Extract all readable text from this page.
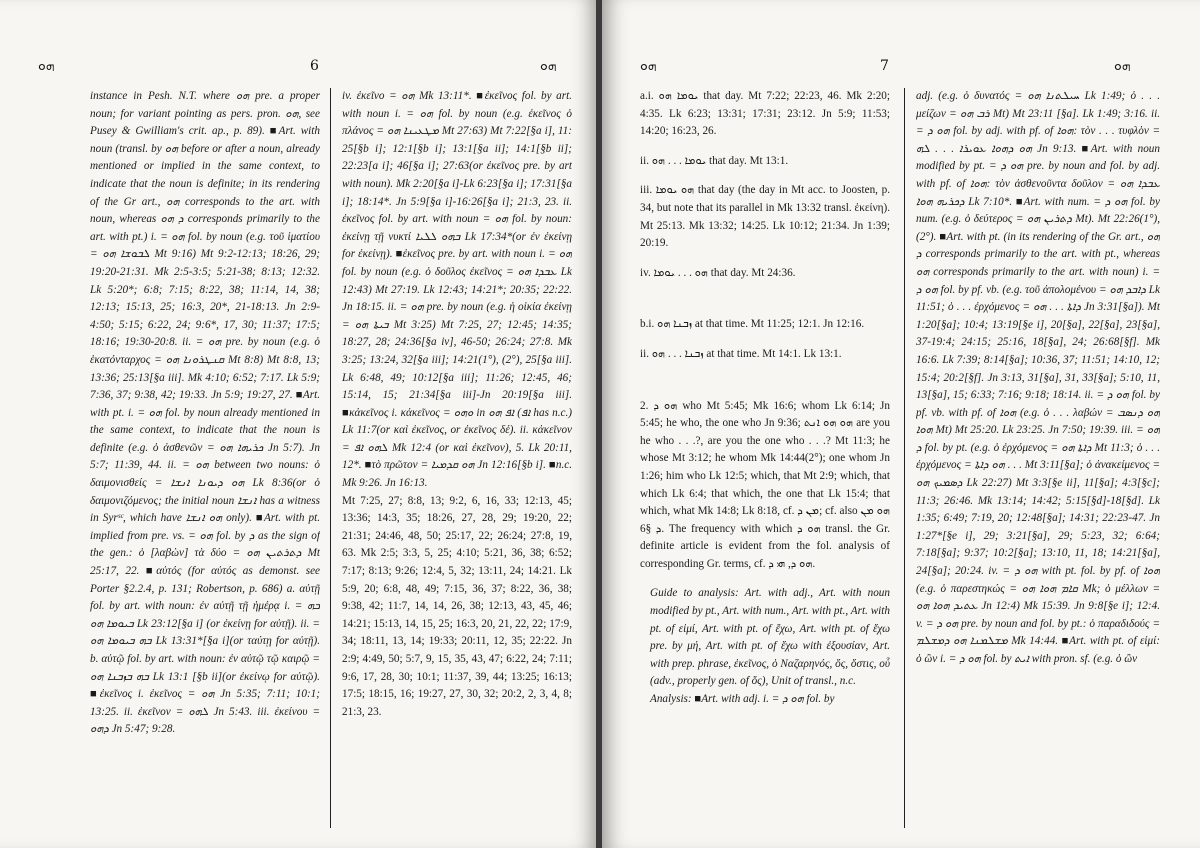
ܗܘ	6	ܗܘ

instance in Pesh. N.T. where ܗܘ pre. a proper noun; for variant pointing as pers. pron. ܗܘ, see Pusey & Gwilliam's crit. ap., p. 89). ■Art. with noun (transl. by ܗܘ before or after a noun, already mentioned or implied in the same context, to indicate that the noun is definite; in its rendering of the Gr art., ܗܘ corresponds to the art. with noun, whereas ܕ ܗܘ corresponds primarily to the art. with pt.) i. = ܗܘ fol. by noun (e.g. τοῦ ἱματίου = ܠܒܘܫܐ ܗܘ Mt 9:16) Mt 9:2-12:13; 18:26, 29; 19:20-21:31. Mk 2:5-3:5; 5:21-38; 8:13; 12:32. Lk 5:20*; 6:8; 7:15; 8:22, 38; 11:14, 14, 38; 12:13; 15:13, 25; 16:3, 20*, 21-18:13. Jn 2:9-4:50; 5:15; 6:22, 24; 9:6*, 17, 30; 11:37; 17:5; 18:16; 19:30-20:8. ii. = ܗܘ pre. by noun (e.g. ὁ ἑκατόνταρχος = ܩܢܛܪܘܢܐ ܗܘ Mt 8:8) Mt 8:8, 13; 13:36; 25:13[§a iii]. Mk 4:10; 6:52; 7:17. Lk 5:9; 7:36, 37; 9:38, 42; 19:33. Jn 5:9; 19:27, 27. ■Art. with pt. i. = ܗܘ fol. by noun already mentioned in the same context, to indicate that the noun is definite (e.g. ὁ ἀσθενῶν = ܟܪܝܗܐ ܗܘ Jn 5:7). Jn 5:7; 11:39, 44. ii. = ܗܘ between two nouns: ὁ δαιμονισθείς = ܗܘ ܕܝܘܢܐ ܐܢܫܐ Lk 8:36(or ὁ δαιμονιζόμενος; the initial noun ܐܢܫܐ has a witness in Syrˢᶜ, which have ܗܘ ܐܢܫܐ only). ■Art. with pt. implied from pre. vs. = ܗܘ fol. by ܕ as the sign of the gen.: ὁ [λαβὼν] τὰ δύο = ܕܬܪܬܝܢ ܗܘ Mt 25:17, 22. ■αὐτός (for αὐτός as demonst. see Porter §2.2.4, p. 131; Robertson, p. 686) a. αὐτῇ fol. by art. with noun: ἐν αὐτῇ τῇ ἡμέρᾳ i. = ܒܗ ܒܝܘܡܐ ܗܘ Lk 23:12[§a i] (or ἐκείνῃ for αὐτῇ). ii. = ܒܗ ܒܝܘܡܐ ܗܘ Lk 13:31*[§a i](or ταύτῃ for αὐτῇ). b. αὐτῷ fol. by art. with noun: ἐν αὐτῷ τῷ καιρῷ = ܒܗ ܒܙܒܢܐ ܗܘ Lk 13:1 [§b ii](or ἐκείνῳ for αὐτῷ). ■ἐκεῖνος i. ἐκεῖνος = ܗܘ Jn 5:35; 7:11; 10:1; 13:25. ii. ἐκεῖνον = ܠܗܘ Jn 5:43. iii. ἐκείνου = ܕܗܘ Jn 5:47; 9:28.

iv. ἐκεῖνο = ܗܘ Mk 13:11*. ■ἐκεῖνος fol. by art. with noun i. = ܗܘ fol. by noun (e.g. ἐκεῖνος ὁ πλάνος = ܡܛܥܝܢܐ ܗܘ Mt 27:63) Mt 7:22[§a i], 11: 25[§b i]; 12:1[§b i]; 13:1[§a ii]; 14:1[§b ii]; 22:23[a i]; 46[§a i]; 27:63(or ἐκεῖνος pre. by art with noun). Mk 2:20[§a i]-Lk 6:23[§a i]; 17:31[§a i]; 18:14*. Jn 5:9[§a i]-16:26[§a i]; 21:3, 23. ii. ἐκεῖνος fol. by art. with noun = ܗܘ fol. by noun: ἐκείνῃ τῇ νυκτί ܒܗܘ ܠܠܝܐ Lk 17:34*(or ἐν ἐκείνῃ for ἐκείνῃ). ■ἐκεῖνος pre. by art. with noun i. = ܗܘ fol. by noun (e.g. ὁ δοῦλος ἐκεῖνος = ܥܒܕܐ ܗܘ Lk 12:43) Mt 27:19. Lk 12:43; 14:21*; 20:35; 22:22. Jn 18:15. ii. = ܗܘ pre. by noun (e.g. ἡ οἰκία ἐκείνῃ = ܒܝܬܐ ܗܘ Mt 3:25) Mt 7:25, 27; 12:45; 14:35; 18:27, 28; 24:36[§a iv], 46-50; 26:24; 27:8. Mk 3:25; 13:24, 32[§a iii]; 14:21(1°), (2°), 25[§a iii]. Lk 6:48, 49; 10:12[§a iii]; 11:26; 12:45, 46; 15:14, 15; 21:34[§a iii]-Jn 20:19[§a iii]. ■κἀκεῖνος i. κἀκεῖνος = ܘܗܘ in ܐܦ ܗܘ (ܐܦ has n.c.) Lk 11:7(or καὶ ἐκεῖνος, or ἐκεῖνος δέ). ii. κἀκεῖνον = ܠܗܘ ܐܦ Mk 12:4 (or καὶ ἐκεῖνον), 5. Lk 20:11, 12*. ■τὸ πρῶτον = ܗܘ ܩܕܡܝܐ Jn 12:16[§b i]. ■n.c. Mk 9:26. Jn 16:13.

Mt 7:25, 27; 8:8, 13; 9:2, 6, 16, 33; 12:13, 45; 13:36; 14:3, 35; 18:26, 27, 28, 29; 19:20, 22; 21:31; 24:46, 48, 50; 25:17, 22; 26:24; 27:8, 19, 63. Mk 2:5; 3:3, 5, 25; 4:10; 5:21, 36, 38; 6:52; 7:17; 8:13; 9:26; 12:4, 5, 32; 13:11, 24; 14:21. Lk 5:9, 20; 6:8, 48, 49; 7:15, 36, 37; 8:22, 36, 38; 9:38, 42; 11:7, 14, 14, 26, 38; 12:13, 43, 45, 46; 14:21; 15:13, 14, 15, 25; 16:3, 20, 21, 22, 22; 17:9, 34; 18:11, 13, 14; 19:33; 20:11, 12, 35; 22:22. Jn 2:9; 4:49, 50; 5:7, 9, 15, 35, 43, 47; 6:22, 24; 7:11; 9:6, 17, 28, 30; 10:1; 11:37, 39, 44; 13:25; 16:13; 17:5; 18:15, 16; 19:27, 27, 30, 32; 20:2, 2, 3, 4, 8; 21:3, 23.

ܗܘ	7	ܗܘ

a.i. ܝܘܡܐ ܗܘ that day. Mt 7:22; 22:23, 46. Mk 2:20; 4:35. Lk 6:23; 13:31; 17:31; 23:12. Jn 5:9; 11:53; 14:20; 16:23, 26.

ii. ܝܘܡܐ . . . ܗܘ that day. Mt 13:1.

iii. ܗܘ ܝܘܡܐ that day (the day in Mt acc. to Joosten, p. 34, but note that its parallel in Mk 13:32 transl. ἐκείνη). Mt 25:13. Mk 13:32; 14:25. Lk 10:12; 21:34. Jn 1:39; 20:19.

iv. ܗܘ . . . ܝܘܡܐ that day. Mt 24:36.

b.i. ܙܒܢܐ ܗܘ at that time. Mt 11:25; 12:1. Jn 12:16.

ii. ܙܒܢܐ . . . ܗܘ at that time. Mt 14:1. Lk 13:1.

2. ܗܘ ܕ who Mt 5:45; Mk 16:6; whom Lk 6:14; Jn 5:45; he who, the one who Jn 9:36; ܗܘ ܗܘ ܐܢܬ are you he who . . .?, are you the one who . . .? Mt 11:3; he whose Mt 3:12; he whom Mk 14:44(2°); one whom Jn 1:26; him who Lk 12:5; which, that Mt 2:9; which, that which Lk 6:4; that which, the one that Lk 15:4; that which, what Mk 14:8; Lk 8:18, cf. ܡܢ ܕ; cf. also ܗܘ ܡܢ ܕ §6. The frequency with which ܗܘ ܕ transl. the Gr. definite article is evident from the fol. analysis of corresponding Gr. terms, cf. ܗܘ ܕ, ܗܝ ܕ.

Guide to analysis: Art. with adj., Art. with noun modified by pt., Art. with num., Art. with pt., Art. with pt. of εἰμί, Art. with pt. of ἔχω, Art. with pt. of ἔχω pre. by μή, Art. with pt. of ἔχω with ἐξουσίαν, Art. with prep. phrase, ἐκεῖνος, ὁ Ναζαρηνός, ὅς, ὅστις, οὗ (adv., properly gen. of ὅς), Unit of transl., n.c.

Analysis: ■Art. with adj. i. = ܗܘ ܕ fol. by

adj. (e.g. ὁ δυνατός = ܚܝܠܬܢܐ ܗܘ Lk 1:49; ὁ . . . μείζων = ܪܒ ܗܘ Mt) Mt 23:11 [§a]. Lk 1:49; 3:16. ii. = ܗܘ ܕ fol. by adj. with pf. of ܗܘܐ: τὸν . . . τυφλὸν = ܗܘ ܕܗܘܐ ܥܘܝܪܐ . . . ܠܗ Jn 9:13. ■Art. with noun modified by pt. = ܗܘ ܕ pre. by noun and fol. by adj. with pf. of ܗܘܐ: τὸν ἀσθενοῦντα δοῦλον = ܥܒܕܐ ܗܘ ܕܟܪܝܗ ܗܘܐ Lk 7:10*. ■Art. with num. = ܗܘ ܕ fol. by num. (e.g. ὁ δεύτερος = ܕܬܪܝܢ ܗܘ Mt). Mt 22:26(1°), (2°). ■Art. with pt. (in its rendering of the Gr. art., ܗܘ ܕ corresponds primarily to the art. with pt., whereas ܗܘ corresponds primarily to the art. with noun) i. = ܗܘ ܕ fol. by pf. vb. (e.g. τοῦ ἀπολομένου = ܕܐܒܕ ܗܘ Lk 11:51; ὁ . . . ἐρχόμενος = ܕܐܬܐ . . . ܗܘ Jn 3:31[§a]). Mt 1:20[§a]; 10:4; 13:19[§e i], 20[§a], 22[§a], 23[§a], 37-19:4; 24:15; 25:16, 18[§a], 24; 26:68[§f]. Mk 16:6. Lk 7:39; 8:14[§a]; 10:36, 37; 11:51; 14:10, 12; 15:4; 20:2[§f]. Jn 3:13, 31[§a], 31, 33[§a]; 5:10, 11, 13[§a], 15; 6:33; 7:16; 9:18; 18:14. ii. = ܗܘ ܕ fol. by pf. vb. with pf. of ܗܘܐ (e.g. ὁ . . . λαβών = ܗܘ ܕܢܣܒ ܗܘܐ Mt) Mt 25:20. Lk 23:25. Jn 7:50; 19:39. iii. = ܗܘ ܕ fol. by pt. (e.g. ὁ ἐρχόμενος = ܕܐܬܐ ܗܘ Mt 11:3; ὁ . . . ἐρχόμενος = ܗܘ ܕܐܬܐ . . . Mt 3:11[§a]; ὁ ἀνακείμενος = ܕܣܡܝܟ ܗܘ Lk 22:27) Mt 3:3[§e ii], 11[§a]; 4:3[§c]; 11:3; 26:46. Mk 13:14; 14:42; 5:15[§d]-18[§d]. Lk 1:35; 6:49; 7:19, 20; 12:48[§a]; 14:31; 22:23-47. Jn 1:27*[§e i], 29; 3:21[§a], 29; 5:23, 32; 6:64; 7:18[§a]; 9:37; 10:2[§a]; 13:10, 11, 18; 14:21[§a], 24[§a]; 20:24. iv. = ܗܘ ܕ with pt. fol. by pf. of ܗܘܐ (e.g. ὁ παρεστηκώς = ܩܐܡ ܗܘܐ ܗܘ Mk; ὁ μέλλων = ܥܬܝܕ ܗܘܐ ܗܘ Jn 12:4) Mk 15:39. Jn 9:8[§e i]; 12:4. v. = ܗܘ ܕ pre. by noun and fol. by pt.: ὁ παραδιδούς = ܡܫܠܡܢܐ ܗܘ ܕܡܫܠܡ Mk 14:44. ■Art. with pt. of εἰμί: ὁ ὢν i. = ܗܘ ܕ fol. by ܐܝܬ with pron. sf. (e.g. ὁ ὢν
